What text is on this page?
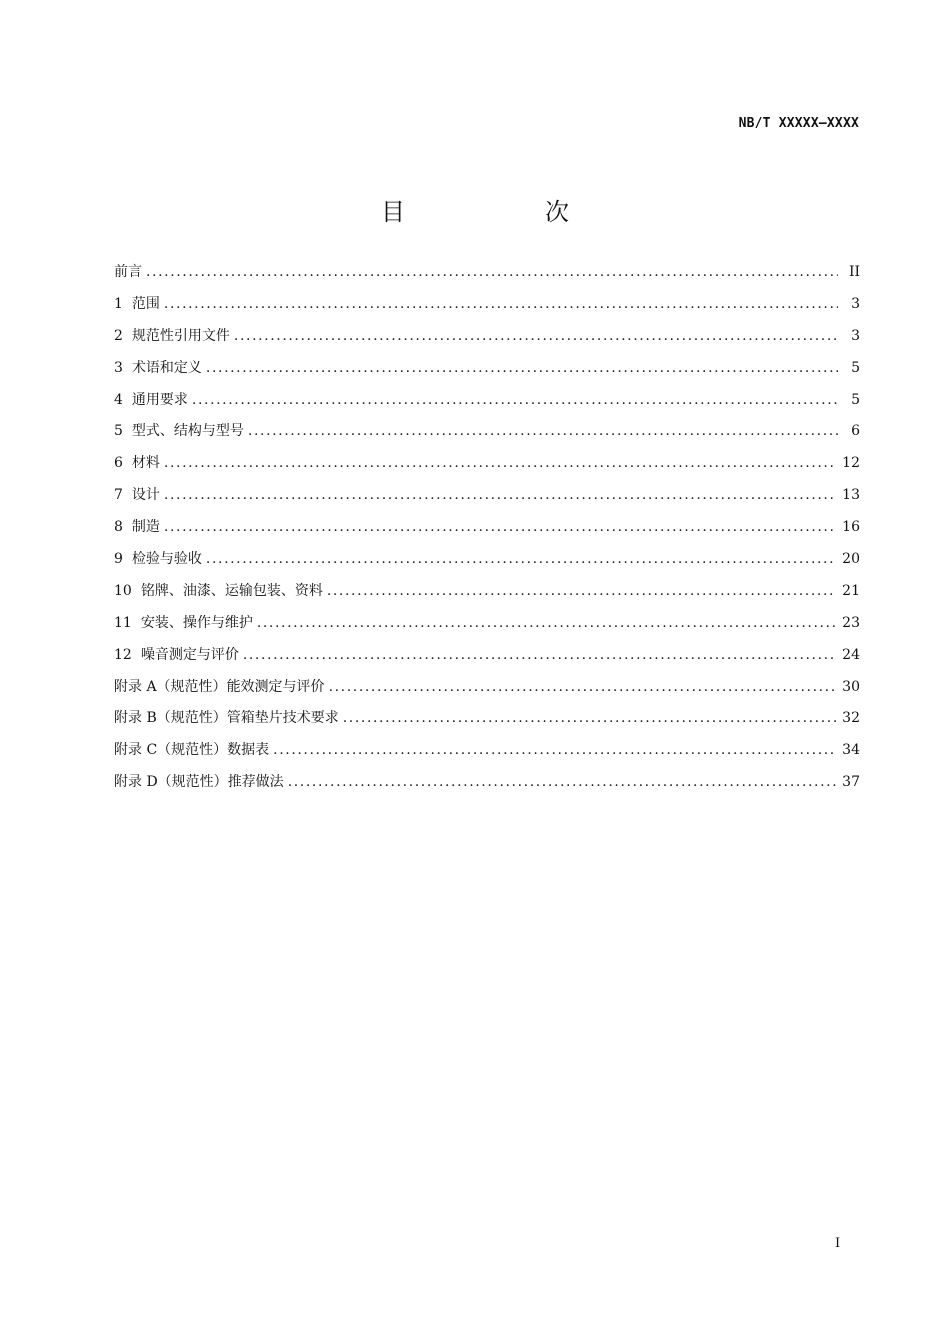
NB/T XXXXX—XXXX
目　次
前言 .....	II
1 范围 .....	3
2 规范性引用文件 .....	3
3 术语和定义 .....	5
4 通用要求 .....	5
5 型式、结构与型号 .....	6
6 材料 .....	12
7 设计 .....	13
8 制造 .....	16
9 检验与验收 .....	20
10 铭牌、油漆、运输包装、资料 .....	21
11 安装、操作与维护 .....	23
12 噪音测定与评价 .....	24
附录 A（规范性） 能效测定与评价 .....	30
附录 B（规范性） 管箱垫片技术要求 .....	32
附录 C（规范性） 数据表 .....	34
附录 D（规范性） 推荐做法 .....	37
I
